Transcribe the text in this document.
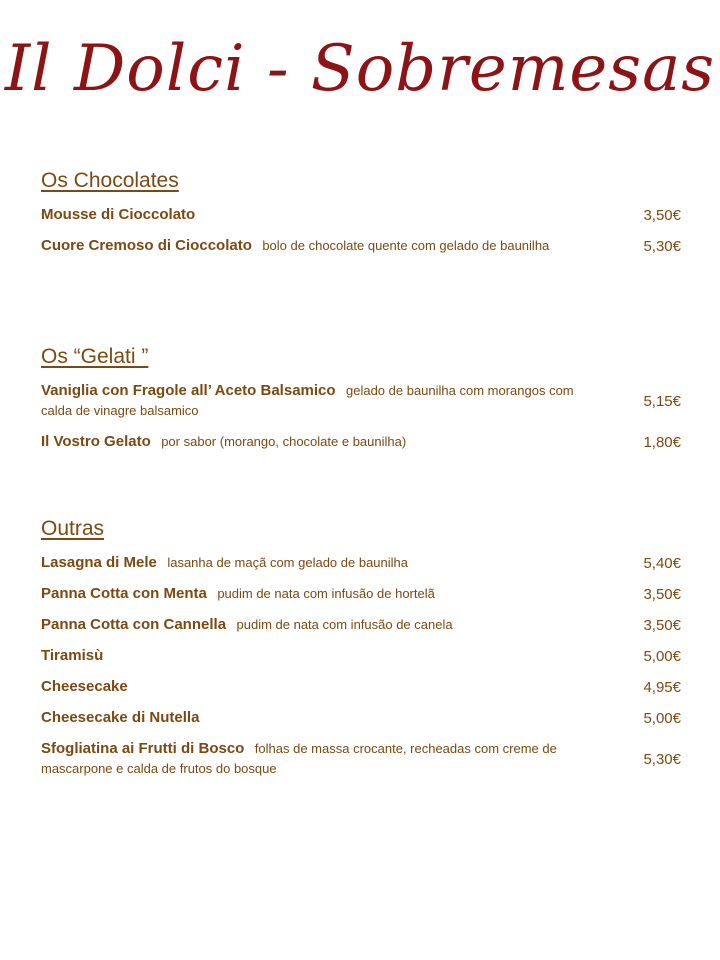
Il Dolci - Sobremesas
Os Chocolates
Mousse di Cioccolato	3,50€
Cuore Cremoso di Cioccolato bolo de chocolate quente com gelado de baunilha	5,30€
Os “Gelati ”
Vaniglia con Fragole all’ Aceto Balsamico gelado de baunilha com morangos com calda de vinagre balsamico
5,15€
Il Vostro Gelato por sabor (morango, chocolate e baunilha)	1,80€
Outras
Lasagna di Mele lasanha de maçã com gelado de baunilha	5,40€
Panna Cotta con Menta pudim de nata com infusão de hortelã	3,50€
Panna Cotta con Cannella pudim de nata com infusão de canela	3,50€
Tiramisù	5,00€
Cheesecake	4,95€
Cheesecake di Nutella	5,00€
Sfogliatina ai Frutti di Bosco folhas de massa crocante, recheadas com creme de mascarpone e calda de frutos do bosque
5,30€
